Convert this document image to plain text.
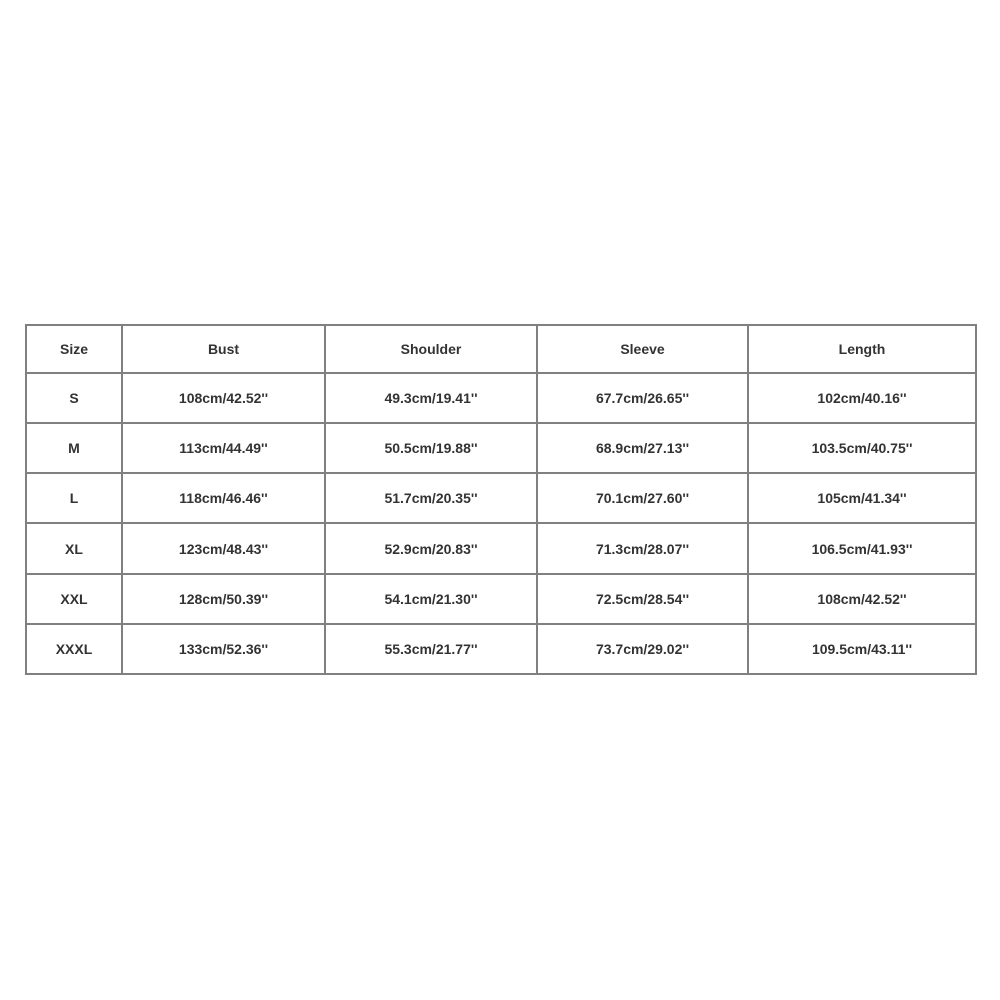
Size	Bust	Shoulder	Sleeve	Length
S	108cm/42.52''	49.3cm/19.41''	67.7cm/26.65''	102cm/40.16''
M	113cm/44.49''	50.5cm/19.88''	68.9cm/27.13''	103.5cm/40.75''
L	118cm/46.46''	51.7cm/20.35''	70.1cm/27.60''	105cm/41.34''
XL	123cm/48.43''	52.9cm/20.83''	71.3cm/28.07''	106.5cm/41.93''
XXL	128cm/50.39''	54.1cm/21.30''	72.5cm/28.54''	108cm/42.52''
XXXL	133cm/52.36''	55.3cm/21.77''	73.7cm/29.02''	109.5cm/43.11''
